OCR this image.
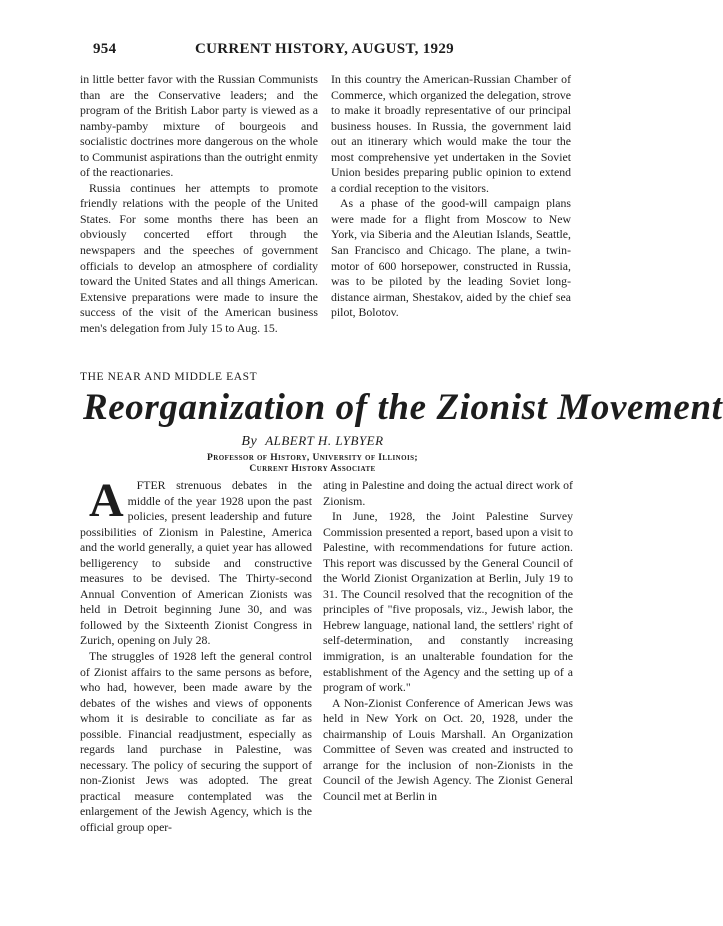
954	CURRENT HISTORY, AUGUST, 1929

in little better favor with the Russian Communists than are the Conservative leaders; and the program of the British Labor party is viewed as a namby-pamby mixture of bourgeois and socialistic doctrines more dangerous on the whole to Communist aspirations than the outright enmity of the reactionaries.

Russia continues her attempts to promote friendly relations with the people of the United States. For some months there has been an obviously concerted effort through the newspapers and the speeches of government officials to develop an atmosphere of cordiality toward the United States and all things American. Extensive preparations were made to insure the success of the visit of the American business men's delegation from July 15 to Aug. 15.

In this country the American-Russian Chamber of Commerce, which organized the delegation, strove to make it broadly representative of our principal business houses. In Russia, the government laid out an itinerary which would make the tour the most comprehensive yet undertaken in the Soviet Union besides preparing public opinion to extend a cordial reception to the visitors.

As a phase of the good-will campaign plans were made for a flight from Moscow to New York, via Siberia and the Aleutian Islands, Seattle, San Francisco and Chicago. The plane, a twin-motor of 600 horsepower, constructed in Russia, was to be piloted by the leading Soviet long-distance airman, Shestakov, aided by the chief sea pilot, Bolotov.

THE NEAR AND MIDDLE EAST
Reorganization of the Zionist Movement
By ALBERT H. LYBYER
Professor of History, University of Illinois;
Current History Associate

A FTER strenuous debates in the middle of the year 1928 upon the past policies, present leadership and future possibilities of Zionism in Palestine, America and the world generally, a quiet year has allowed belligerency to subside and constructive measures to be devised. The Thirty-second Annual Convention of American Zionists was held in Detroit beginning June 30, and was followed by the Sixteenth Zionist Congress in Zurich, opening on July 28.

The struggles of 1928 left the general control of Zionist affairs to the same persons as before, who had, however, been made aware by the debates of the wishes and views of opponents whom it is desirable to conciliate as far as possible. Financial readjustment, especially as regards land purchase in Palestine, was necessary. The policy of securing the support of non-Zionist Jews was adopted. The great practical measure contemplated was the enlargement of the Jewish Agency, which is the official group oper-

ating in Palestine and doing the actual direct work of Zionism.

In June, 1928, the Joint Palestine Survey Commission presented a report, based upon a visit to Palestine, with recommendations for future action. This report was discussed by the General Council of the World Zionist Organization at Berlin, July 19 to 31. The Council resolved that the recognition of the principles of "five proposals, viz., Jewish labor, the Hebrew language, national land, the settlers' right of self-determination, and constantly increasing immigration, is an unalterable foundation for the establishment of the Agency and the setting up of a program of work."

A Non-Zionist Conference of American Jews was held in New York on Oct. 20, 1928, under the chairmanship of Louis Marshall. An Organization Committee of Seven was created and instructed to arrange for the inclusion of non-Zionists in the Council of the Jewish Agency. The Zionist General Council met at Berlin in
